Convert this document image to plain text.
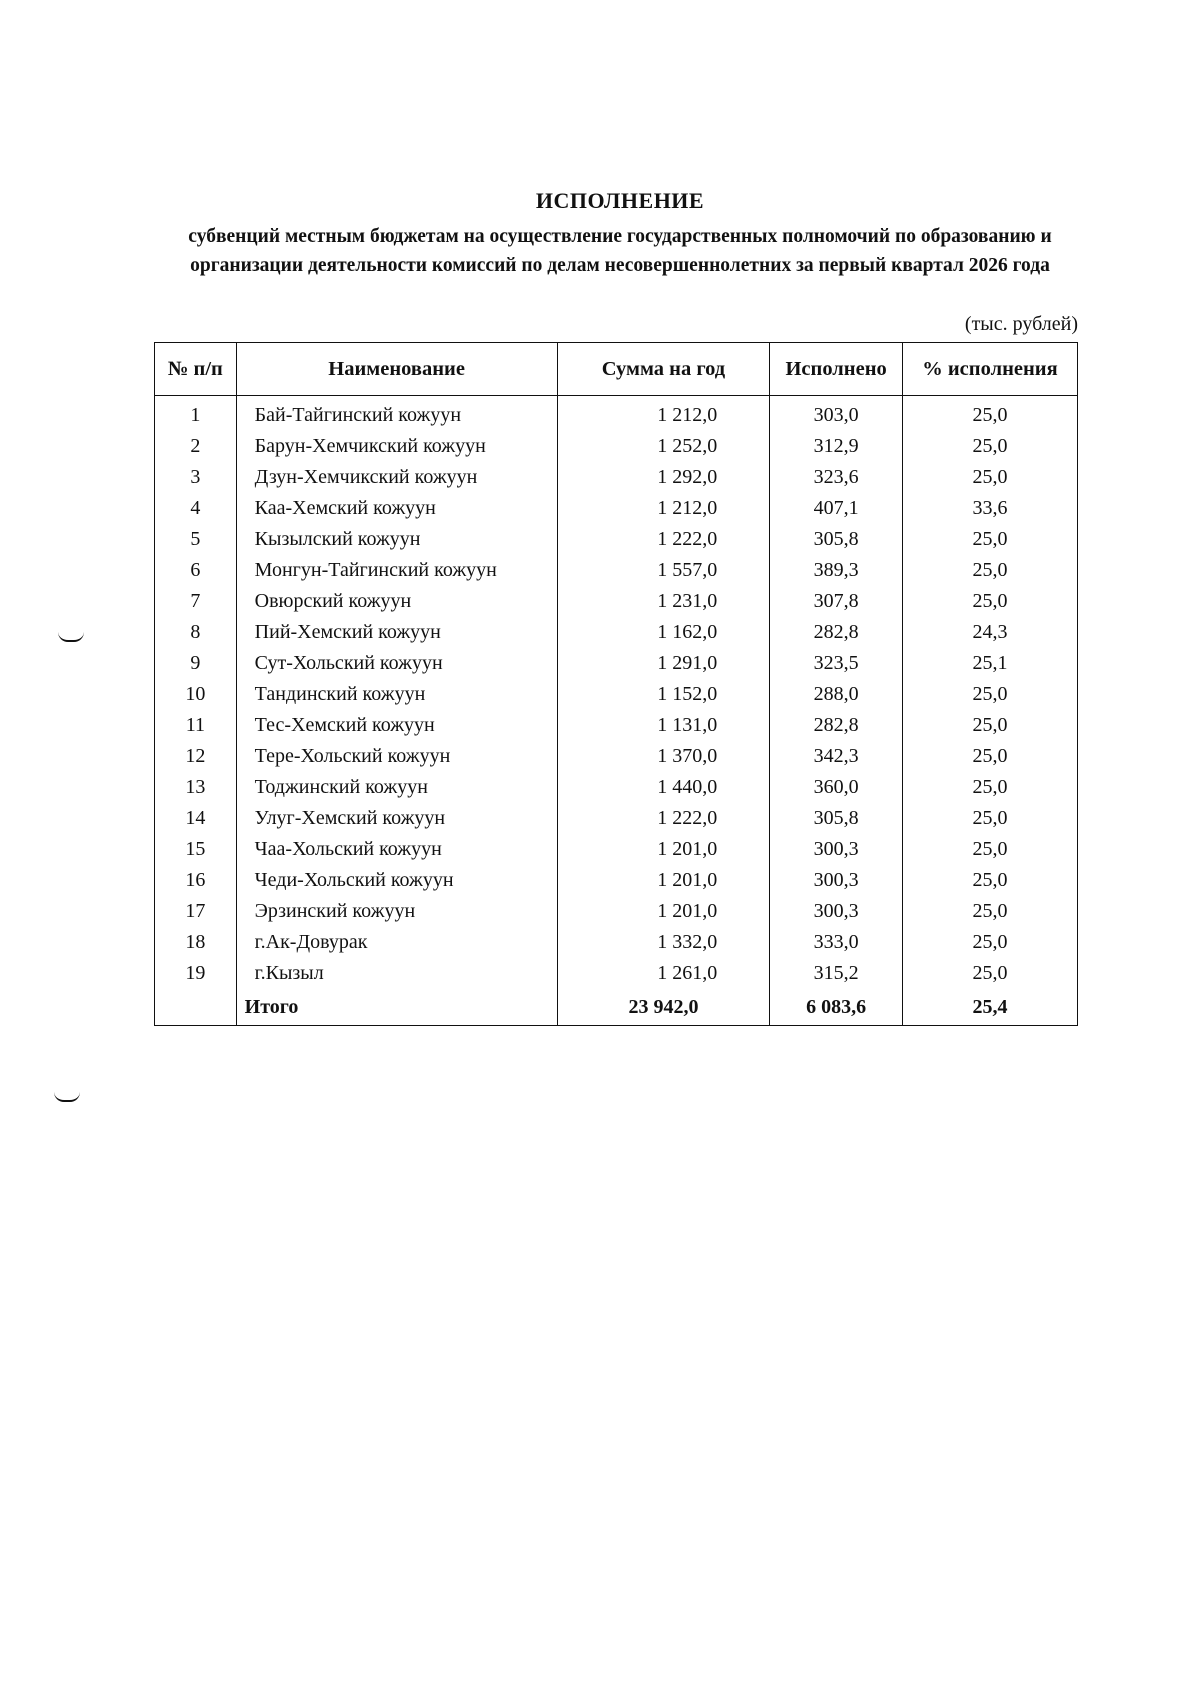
ИСПОЛНЕНИЕ
субвенций местным бюджетам на осуществление государственных полномочий по образованию и организации деятельности комиссий по делам несовершеннолетних за первый квартал 2026 года
(тыс. рублей)
№ п/п	Наименование	Сумма на год	Исполнено	% исполнения
1	Бай-Тайгинский кожуун	1 212,0	303,0	25,0
2	Барун-Хемчикский кожуун	1 252,0	312,9	25,0
3	Дзун-Хемчикский кожуун	1 292,0	323,6	25,0
4	Каа-Хемский кожуун	1 212,0	407,1	33,6
5	Кызылский кожуун	1 222,0	305,8	25,0
6	Монгун-Тайгинский кожуун	1 557,0	389,3	25,0
7	Овюрский кожуун	1 231,0	307,8	25,0
8	Пий-Хемский кожуун	1 162,0	282,8	24,3
9	Сут-Хольский кожуун	1 291,0	323,5	25,1
10	Тандинский кожуун	1 152,0	288,0	25,0
11	Тес-Хемский кожуун	1 131,0	282,8	25,0
12	Тере-Хольский кожуун	1 370,0	342,3	25,0
13	Тоджинский кожуун	1 440,0	360,0	25,0
14	Улуг-Хемский кожуун	1 222,0	305,8	25,0
15	Чаа-Хольский кожуун	1 201,0	300,3	25,0
16	Чеди-Хольский кожуун	1 201,0	300,3	25,0
17	Эрзинский кожуун	1 201,0	300,3	25,0
18	г.Ак-Довурак	1 332,0	333,0	25,0
19	г.Кызыл	1 261,0	315,2	25,0
	Итого	23 942,0	6 083,6	25,4
